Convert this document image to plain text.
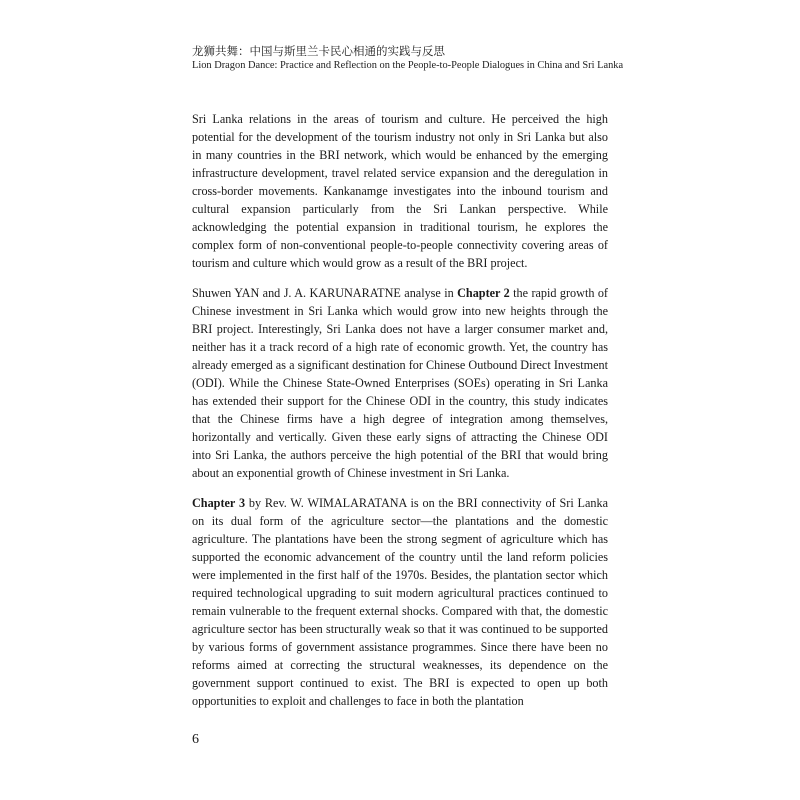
龙狮共舞：中国与斯里兰卡民心相通的实践与反思
Lion Dragon Dance: Practice and Reflection on the People-to-People Dialogues in China and Sri Lanka

Sri Lanka relations in the areas of tourism and culture. He perceived the high potential for the development of the tourism industry not only in Sri Lanka but also in many countries in the BRI network, which would be enhanced by the emerging infrastructure development, travel related service expansion and the deregulation in cross-border movements. Kankanamge investigates into the inbound tourism and cultural expansion particularly from the Sri Lankan perspective. While acknowledging the potential expansion in traditional tourism, he explores the complex form of non-conventional people-to-people connectivity covering areas of tourism and culture which would grow as a result of the BRI project.

Shuwen YAN and J. A. KARUNARATNE analyse in Chapter 2 the rapid growth of Chinese investment in Sri Lanka which would grow into new heights through the BRI project. Interestingly, Sri Lanka does not have a larger consumer market and, neither has it a track record of a high rate of economic growth. Yet, the country has already emerged as a significant destination for Chinese Outbound Direct Investment (ODI). While the Chinese State-Owned Enterprises (SOEs) operating in Sri Lanka has extended their support for the Chinese ODI in the country, this study indicates that the Chinese firms have a high degree of integration among themselves, horizontally and vertically. Given these early signs of attracting the Chinese ODI into Sri Lanka, the authors perceive the high potential of the BRI that would bring about an exponential growth of Chinese investment in Sri Lanka.

Chapter 3 by Rev. W. WIMALARATANA is on the BRI connectivity of Sri Lanka on its dual form of the agriculture sector—the plantations and the domestic agriculture. The plantations have been the strong segment of agriculture which has supported the economic advancement of the country until the land reform policies were implemented in the first half of the 1970s. Besides, the plantation sector which required technological upgrading to suit modern agricultural practices continued to remain vulnerable to the frequent external shocks. Compared with that, the domestic agriculture sector has been structurally weak so that it was continued to be supported by various forms of government assistance programmes. Since there have been no reforms aimed at correcting the structural weaknesses, its dependence on the government support continued to exist. The BRI is expected to open up both opportunities to exploit and challenges to face in both the plantation

6
